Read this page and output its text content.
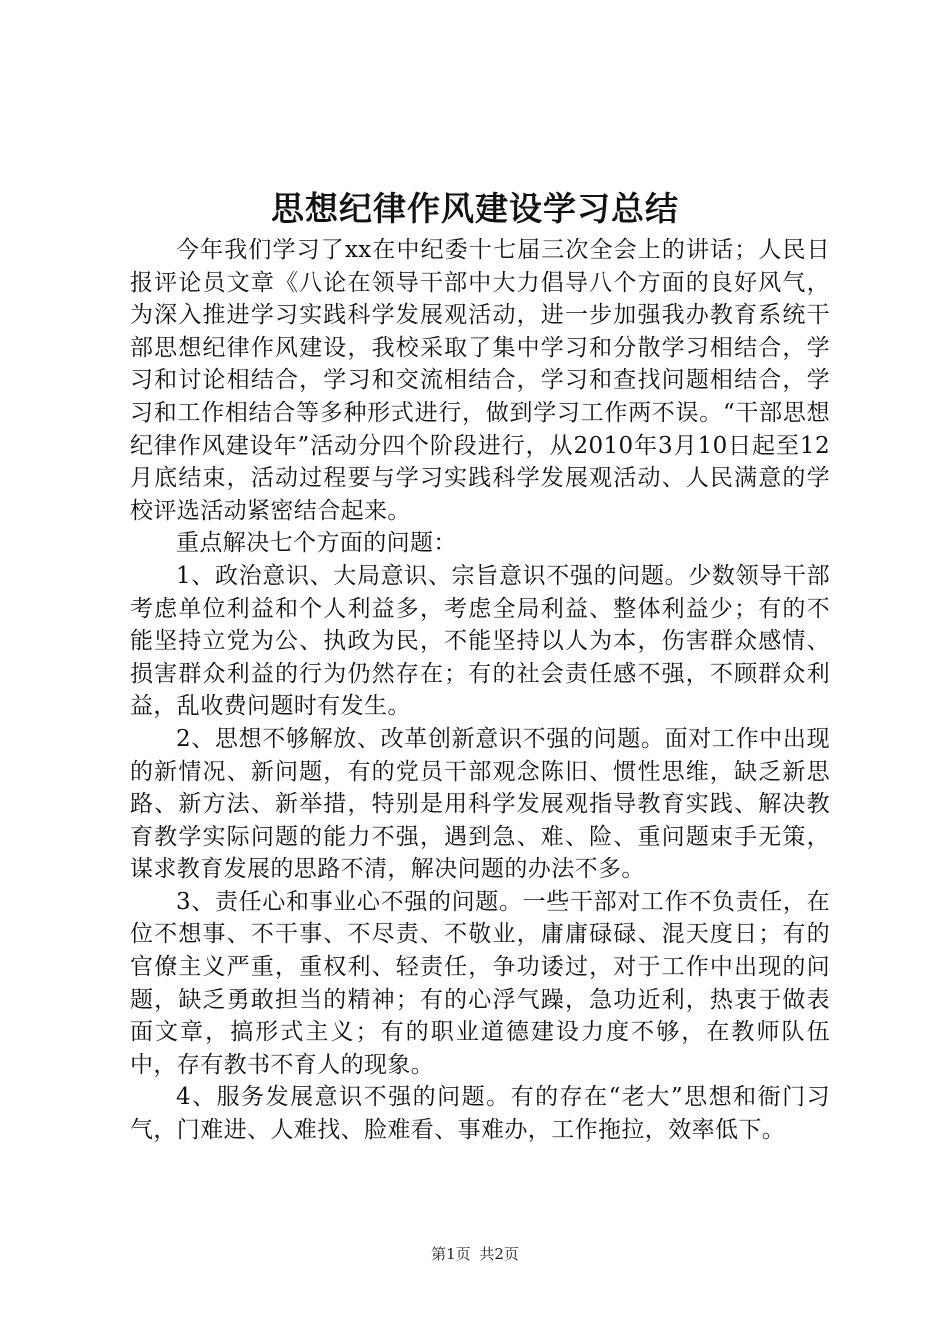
思想纪律作风建设学习总结

今年我们学习了xx在中纪委十七届三次全会上的讲话；人民日报评论员文章《八论在领导干部中大力倡导八个方面的良好风气，为深入推进学习实践科学发展观活动，进一步加强我办教育系统干部思想纪律作风建设，我校采取了集中学习和分散学习相结合，学习和讨论相结合，学习和交流相结合，学习和查找问题相结合，学习和工作相结合等多种形式进行，做到学习工作两不误。“干部思想纪律作风建设年”活动分四个阶段进行，从2010年3月10日起至12月底结束，活动过程要与学习实践科学发展观活动、人民满意的学校评选活动紧密结合起来。

重点解决七个方面的问题：

1、政治意识、大局意识、宗旨意识不强的问题。少数领导干部考虑单位利益和个人利益多，考虑全局利益、整体利益少；有的不能坚持立党为公、执政为民，不能坚持以人为本，伤害群众感情、损害群众利益的行为仍然存在；有的社会责任感不强，不顾群众利益，乱收费问题时有发生。

2、思想不够解放、改革创新意识不强的问题。面对工作中出现的新情况、新问题，有的党员干部观念陈旧、惯性思维，缺乏新思路、新方法、新举措，特别是用科学发展观指导教育实践、解决教育教学实际问题的能力不强，遇到急、难、险、重问题束手无策，谋求教育发展的思路不清，解决问题的办法不多。

3、责任心和事业心不强的问题。一些干部对工作不负责任，在位不想事、不干事、不尽责、不敬业，庸庸碌碌、混天度日；有的官僚主义严重，重权利、轻责任，争功诿过，对于工作中出现的问题，缺乏勇敢担当的精神；有的心浮气躁，急功近利，热衷于做表面文章，搞形式主义；有的职业道德建设力度不够，在教师队伍中，存有教书不育人的现象。

4、服务发展意识不强的问题。有的存在“老大”思想和衙门习气，门难进、人难找、脸难看、事难办，工作拖拉，效率低下。

第1页 共2页
